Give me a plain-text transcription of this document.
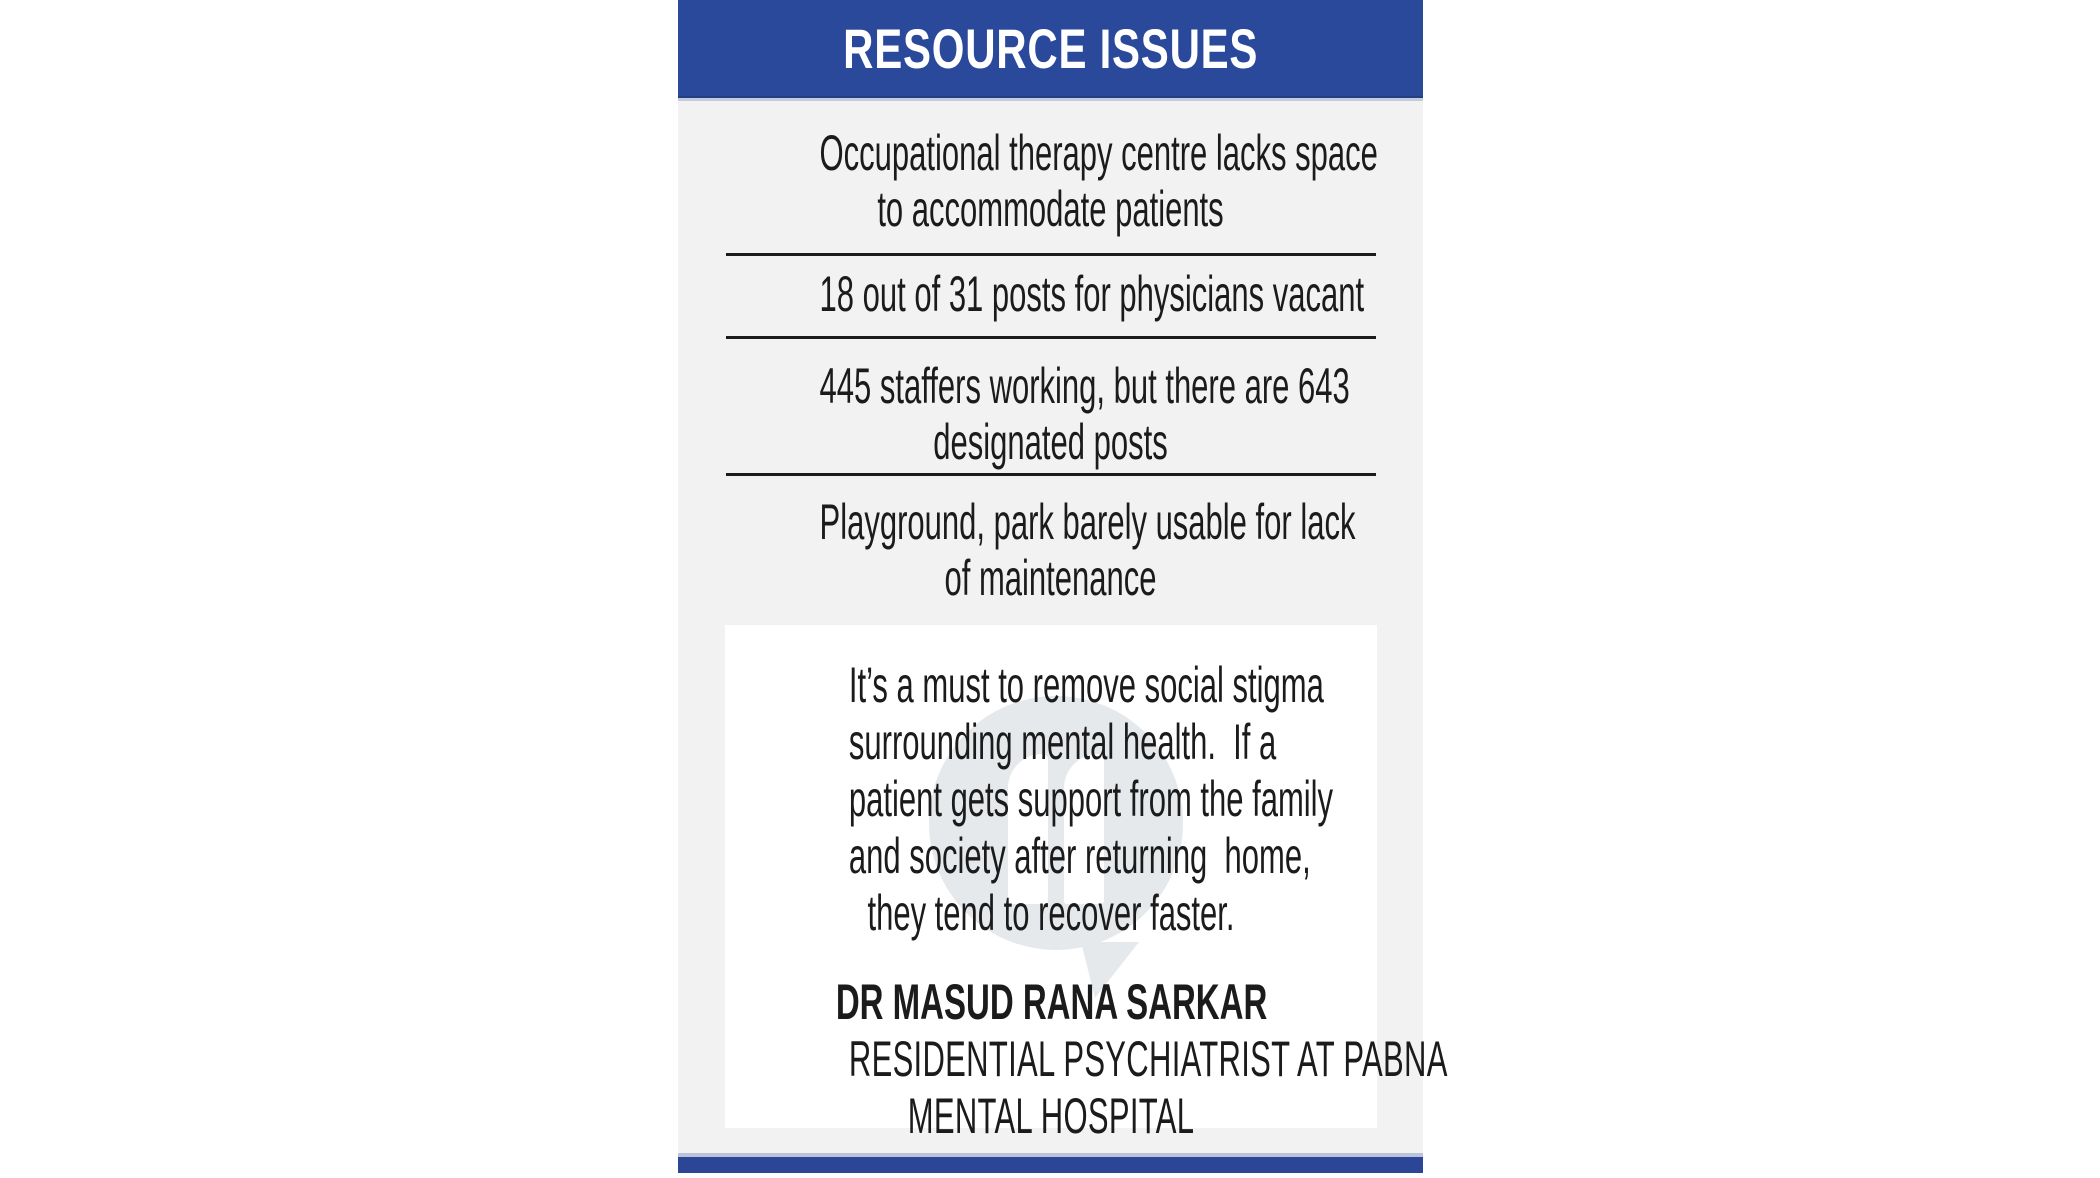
RESOURCE ISSUES
Occupational therapy centre lacks space
to accommodate patients
18 out of 31 posts for physicians vacant
445 staffers working, but there are 643
designated posts
Playground, park barely usable for lack
of maintenance
It’s a must to remove social stigma
surrounding mental health.  If a
patient gets support from the family
and society after returning  home,
they tend to recover faster.
DR MASUD RANA SARKAR
RESIDENTIAL PSYCHIATRIST AT PABNA
MENTAL HOSPITAL
